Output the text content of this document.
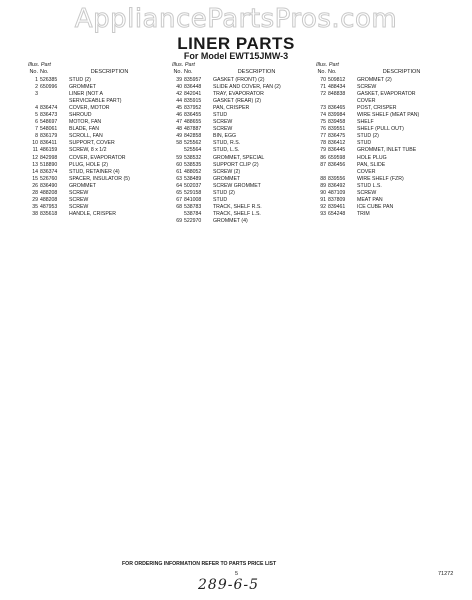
AppliancePartsPros.com
LINER PARTS
For Model EWT15JMW-3
Illus. Part
No. No.	DESCRIPTION
1 526385	STUD (2)
2 650996	GROMMET
3	LINER (NOT A
SERVICEABLE PART)
4 836474	COVER, MOTOR
5 836473	SHROUD
6 548697	MOTOR, FAN
7 548061	BLADE, FAN
8 836179	SCROLL, FAN
10 836411	SUPPORT, COVER
11 486159	SCREW, 8 x 1/2
12 842998	COVER, EVAPORATOR
13 518890	PLUG, HOLE (2)
14 836374	STUD, RETAINER (4)
15 526760	SPACER, INSULATOR (5)
26 836490	GROMMET
28 488208	SCREW
29 488208	SCREW
35 487953	SCREW
38 835618	HANDLE, CRISPER
Illus. Part
No. No.	DESCRIPTION
39 835957	GASKET (FRONT) (2)
40 836448	SLIDE AND COVER, FAN (2)
42 842041	TRAY, EVAPORATOR
44 835915	GASKET (REAR) (2)
45 837952	PAN, CRISPER
46 836455	STUD
47 488655	SCREW
48 487887	SCREW
49 842858	BIN, EGG
58 525562	STUD, R.S.
525564	STUD, L.S.
59 538532	GROMMET, SPECIAL
60 538535	SUPPORT CLIP (2)
61 488052	SCREW (2)
63 538489	GROMMET
64 502037	SCREW GROMMET
65 529158	STUD (2)
67 841008	STUD
68 538783	TRACK, SHELF R.S.
538784	TRACK, SHELF L.S.
69 522970	GROMMET (4)
Illus. Part
No. No.	DESCRIPTION
70 509812	GROMMET (2)
71 488434	SCREW
72 848838	GASKET, EVAPORATOR
COVER
73 836465	POST, CRISPER
74 839984	WIRE SHELF (MEAT PAN)
75 839458	SHELF
76 839551	SHELF (PULL OUT)
77 836475	STUD (2)
78 836412	STUD
79 836445	GROMMET, INLET TUBE
86 659598	HOLE PLUG
87 836456	PAN, SLIDE
COVER
88 839556	WIRE SHELF (FZR)
89 836492	STUD L.S.
90 487109	SCREW
91 837809	MEAT PAN
92 839461	ICE CUBE PAN
93 654248	TRIM
FOR ORDERING INFORMATION REFER TO PARTS PRICE LIST
5	71272
289-6-5
